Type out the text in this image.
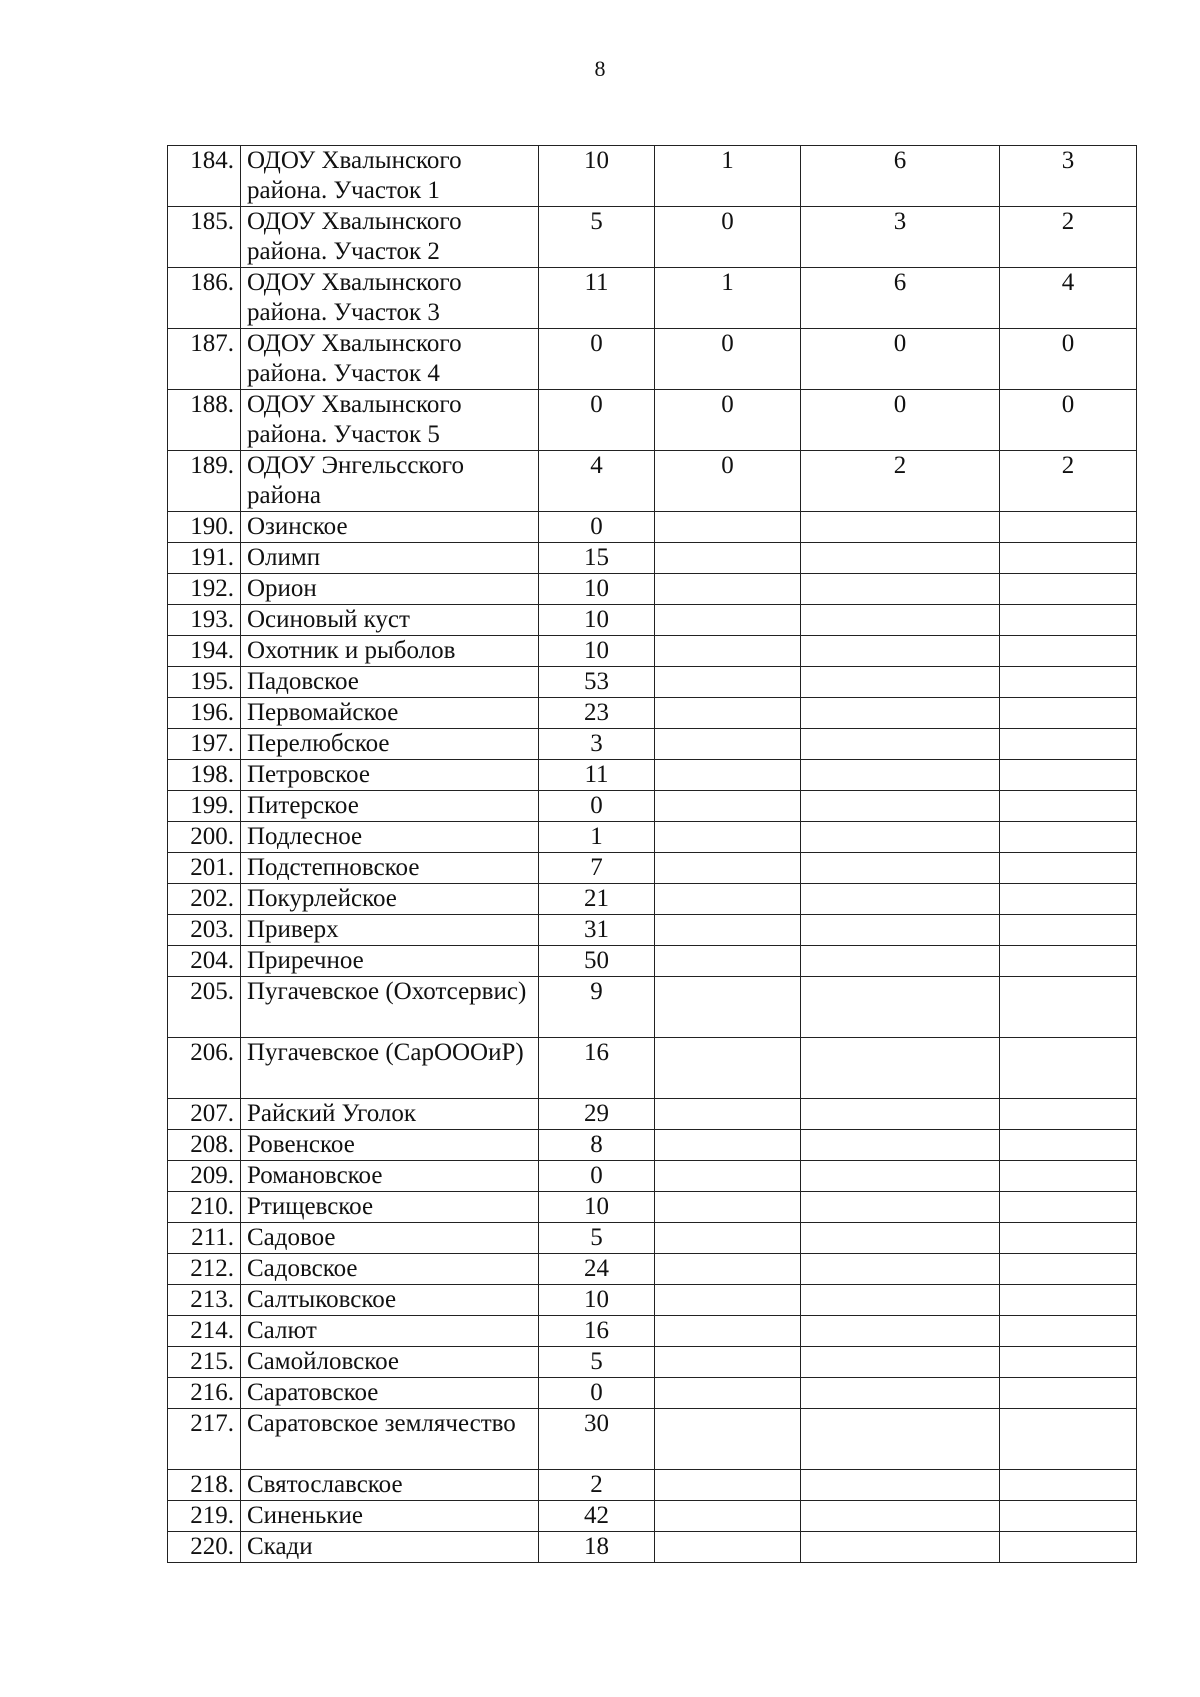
8
184.	ОДОУ Хвалынского района. Участок 1	10	1	6	3
185.	ОДОУ Хвалынского района. Участок 2	5	0	3	2
186.	ОДОУ Хвалынского района. Участок 3	11	1	6	4
187.	ОДОУ Хвалынского района. Участок 4	0	0	0	0
188.	ОДОУ Хвалынского района. Участок 5	0	0	0	0
189.	ОДОУ Энгельсского района	4	0	2	2
190.	Озинское	0			
191.	Олимп	15			
192.	Орион	10			
193.	Осиновый куст	10			
194.	Охотник и рыболов	10			
195.	Падовское	53			
196.	Первомайское	23			
197.	Перелюбское	3			
198.	Петровское	11			
199.	Питерское	0			
200.	Подлесное	1			
201.	Подстепновское	7			
202.	Покурлейское	21			
203.	Приверх	31			
204.	Приречное	50			
205.	Пугачевское (Охотсервис)	9			
206.	Пугачевское (СарОООиР)	16			
207.	Райский Уголок	29			
208.	Ровенское	8			
209.	Романовское	0			
210.	Ртищевское	10			
211.	Садовое	5			
212.	Садовское	24			
213.	Салтыковское	10			
214.	Салют	16			
215.	Самойловское	5			
216.	Саратовское	0			
217.	Саратовское землячество	30			
218.	Святославское	2			
219.	Синенькие	42			
220.	Скади	18			
